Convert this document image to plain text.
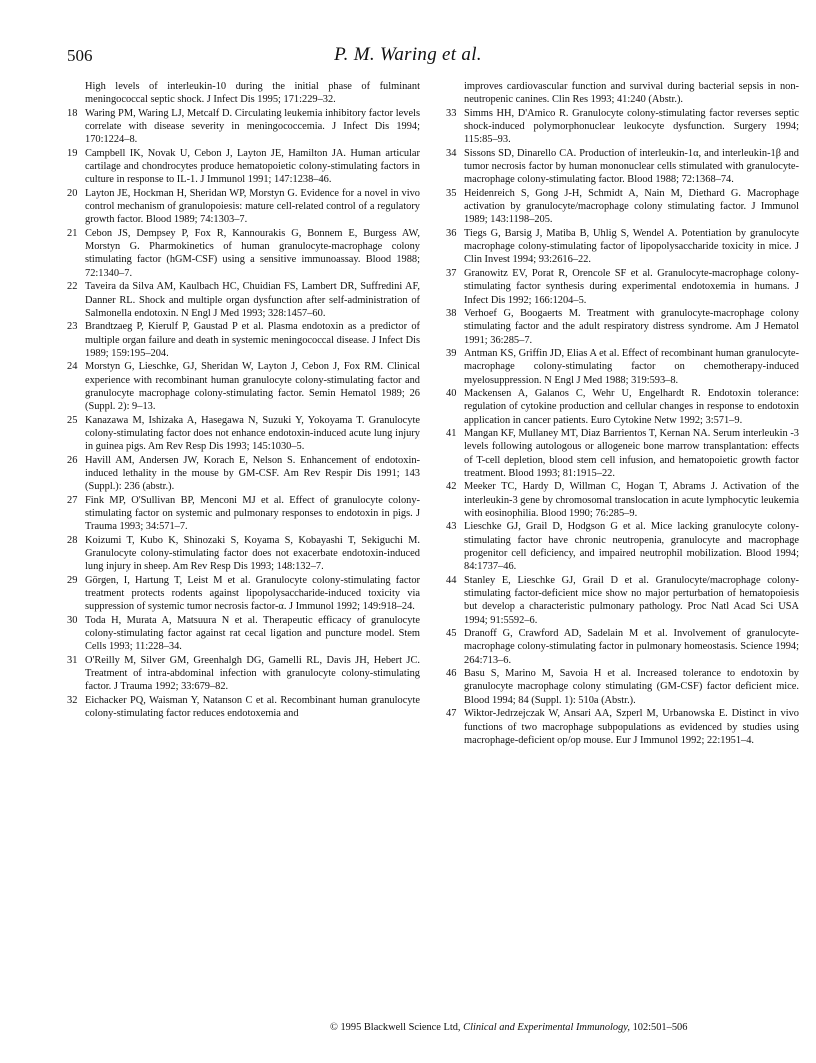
506	P. M. Waring et al.
High levels of interleukin-10 during the initial phase of fulminant meningococcal septic shock. J Infect Dis 1995; 171:229–32.
18 Waring PM, Waring LJ, Metcalf D. Circulating leukemia inhibitory factor levels correlate with disease severity in meningococcemia. J Infect Dis 1994; 170:1224–8.
19 Campbell IK, Novak U, Cebon J, Layton JE, Hamilton JA. Human articular cartilage and chondrocytes produce hematopoietic colony-stimulating factors in culture in response to IL-1. J Immunol 1991; 147:1238–46.
20 Layton JE, Hockman H, Sheridan WP, Morstyn G. Evidence for a novel in vivo control mechanism of granulopoiesis: mature cell-related control of a regulatory growth factor. Blood 1989; 74:1303–7.
21 Cebon JS, Dempsey P, Fox R, Kannourakis G, Bonnem E, Burgess AW, Morstyn G. Pharmokinetics of human granulocyte-macrophage colony stimulating factor (hGM-CSF) using a sensitive immunoassay. Blood 1988; 72:1340–7.
22 Taveira da Silva AM, Kaulbach HC, Chuidian FS, Lambert DR, Suffredini AF, Danner RL. Shock and multiple organ dysfunction after self-administration of Salmonella endotoxin. N Engl J Med 1993; 328:1457–60.
23 Brandtzaeg P, Kierulf P, Gaustad P et al. Plasma endotoxin as a predictor of multiple organ failure and death in systemic meningococcal disease. J Infect Dis 1989; 159:195–204.
24 Morstyn G, Lieschke, GJ, Sheridan W, Layton J, Cebon J, Fox RM. Clinical experience with recombinant human granulocyte colony-stimulating factor and granulocyte macrophage colony-stimulating factor. Semin Hematol 1989; 26 (Suppl. 2): 9–13.
25 Kanazawa M, Ishizaka A, Hasegawa N, Suzuki Y, Yokoyama T. Granulocyte colony-stimulating factor does not enhance endotoxin-induced acute lung injury in guinea pigs. Am Rev Resp Dis 1993; 145:1030–5.
26 Havill AM, Andersen JW, Korach E, Nelson S. Enhancement of endotoxin-induced lethality in the mouse by GM-CSF. Am Rev Respir Dis 1991; 143 (Suppl.): 236 (abstr.).
27 Fink MP, O'Sullivan BP, Menconi MJ et al. Effect of granulocyte colony-stimulating factor on systemic and pulmonary responses to endotoxin in pigs. J Trauma 1993; 34:571–7.
28 Koizumi T, Kubo K, Shinozaki S, Koyama S, Kobayashi T, Sekiguchi M. Granulocyte colony-stimulating factor does not exacerbate endotoxin-induced lung injury in sheep. Am Rev Resp Dis 1993; 148:132–7.
29 Görgen, I, Hartung T, Leist M et al. Granulocyte colony-stimulating factor treatment protects rodents against lipopolysaccharide-induced toxicity via suppression of systemic tumor necrosis factor-α. J Immunol 1992; 149:918–24.
30 Toda H, Murata A, Matsuura N et al. Therapeutic efficacy of granulocyte colony-stimulating factor against rat cecal ligation and puncture model. Stem Cells 1993; 11:228–34.
31 O'Reilly M, Silver GM, Greenhalgh DG, Gamelli RL, Davis JH, Hebert JC. Treatment of intra-abdominal infection with granulocyte colony-stimulating factor. J Trauma 1992; 33:679–82.
32 Eichacker PQ, Waisman Y, Natanson C et al. Recombinant human granulocyte colony-stimulating factor reduces endotoxemia and
improves cardiovascular function and survival during bacterial sepsis in non-neutropenic canines. Clin Res 1993; 41:240 (Abstr.).
33 Simms HH, D'Amico R. Granulocyte colony-stimulating factor reverses septic shock-induced polymorphonuclear leukocyte dysfunction. Surgery 1994; 115:85–93.
34 Sissons SD, Dinarello CA. Production of interleukin-1α, and interleukin-1β and tumor necrosis factor by human mononuclear cells stimulated with granulocyte-macrophage colony-stimulating factor. Blood 1988; 72:1368–74.
35 Heidenreich S, Gong J-H, Schmidt A, Nain M, Diethard G. Macrophage activation by granulocyte/macrophage colony stimulating factor. J Immunol 1989; 143:1198–205.
36 Tiegs G, Barsig J, Matiba B, Uhlig S, Wendel A. Potentiation by granulocyte macrophage colony-stimulating factor of lipopolysaccharide toxicity in mice. J Clin Invest 1994; 93:2616–22.
37 Granowitz EV, Porat R, Orencole SF et al. Granulocyte-macrophage colony-stimulating factor synthesis during experimental endotoxemia in humans. J Infect Dis 1992; 166:1204–5.
38 Verhoef G, Boogaerts M. Treatment with granulocyte-macrophage colony stimulating factor and the adult respiratory distress syndrome. Am J Hematol 1991; 36:285–7.
39 Antman KS, Griffin JD, Elias A et al. Effect of recombinant human granulocyte-macrophage colony-stimulating factor on chemotherapy-induced myelosuppression. N Engl J Med 1988; 319:593–8.
40 Mackensen A, Galanos C, Wehr U, Engelhardt R. Endotoxin tolerance: regulation of cytokine production and cellular changes in response to endotoxin application in cancer patients. Euro Cytokine Netw 1992; 3:571–9.
41 Mangan KF, Mullaney MT, Diaz Barrientos T, Kernan NA. Serum interleukin -3 levels following autologous or allogeneic bone marrow transplantation: effects of T-cell depletion, blood stem cell infusion, and hematopoietic growth factor treatment. Blood 1993; 81:1915–22.
42 Meeker TC, Hardy D, Willman C, Hogan T, Abrams J. Activation of the interleukin-3 gene by chromosomal translocation in acute lymphocytic leukemia with eosinophilia. Blood 1990; 76:285–9.
43 Lieschke GJ, Grail D, Hodgson G et al. Mice lacking granulocyte colony-stimulating factor have chronic neutropenia, granulocyte and macrophage progenitor cell deficiency, and impaired neutrophil mobilization. Blood 1994; 84:1737–46.
44 Stanley E, Lieschke GJ, Grail D et al. Granulocyte/macrophage colony-stimulating factor-deficient mice show no major perturbation of hematopoiesis but develop a characteristic pulmonary pathology. Proc Natl Acad Sci USA 1994; 91:5592–6.
45 Dranoff G, Crawford AD, Sadelain M et al. Involvement of granulocyte-macrophage colony-stimulating factor in pulmonary homeostasis. Science 1994; 264:713–6.
46 Basu S, Marino M, Savoia H et al. Increased tolerance to endotoxin by granulocyte macrophage colony stimulating (GM-CSF) factor deficient mice. Blood 1994; 84 (Suppl. 1): 510a (Abstr.).
47 Wiktor-Jedrzejczak W, Ansari AA, Szperl M, Urbanowska E. Distinct in vivo functions of two macrophage subpopulations as evidenced by studies using macrophage-deficient op/op mouse. Eur J Immunol 1992; 22:1951–4.
© 1995 Blackwell Science Ltd, Clinical and Experimental Immunology, 102:501–506
